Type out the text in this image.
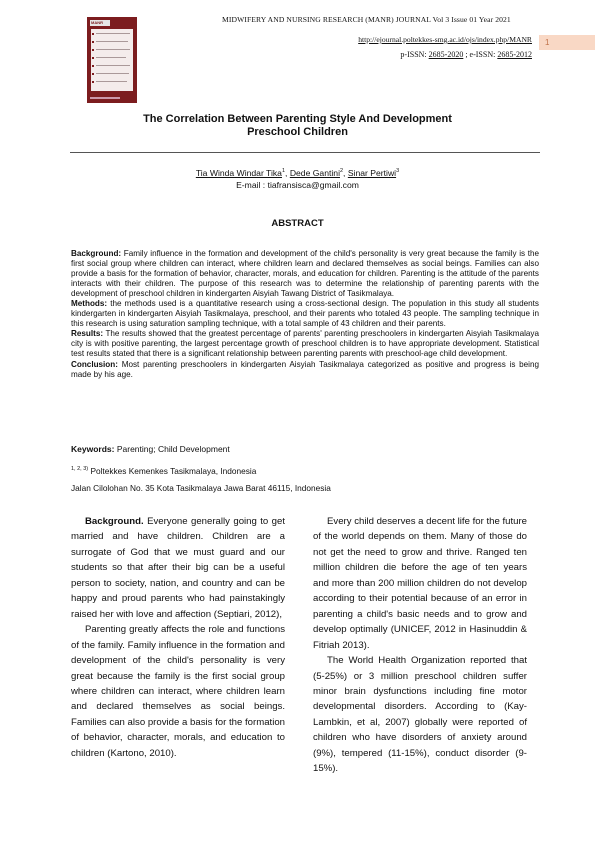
MANR	MIDWIFERY AND NURSING RESEARCH (MANR) JOURNAL Vol 3 Issue 01 Year 2021
http://ejournal.poltekkes-smg.ac.id/ojs/index.php/MANR
p-ISSN: 2685-2020 ; e-ISSN: 2685-2012
1
The Correlation Between Parenting Style And Development
Preschool Children
Tia Winda Windar Tika$^1$, Dede Gantini$^2$, Sinar Pertiwi$^3$
E-mail : tiafransisca@gmail.com
ABSTRACT

Background: Family influence in the formation and development of the child's personality is very great because the family is the first social group where children can interact, where children learn and declared themselves as social beings. Families can also provide a basis for the formation of behavior, character, morals, and education for children. Parenting is the attitude of the parents interacts with their children. The purpose of this research was to determine the relationship of parenting parents with the development of preschool children in kindergarten Aisyiah Tawang District of Tasikmalaya.

Methods: the methods used is a quantitative research using a cross-sectional design. The population in this study all students kindergarten in kindergarten Aisyiah Tasikmalaya, preschool, and their parents who totaled 43 people. The sampling technique in this research is using saturation sampling technique, with a total sample of 43 children and their parents.

Results: The results showed that the greatest percentage of parents' parenting preschoolers in kindergarten Aisyiah Tasikmalaya city is with positive parenting, the largest percentage growth of preschool children is to have appropriate development. Statistical test results stated that there is a significant relationship between parenting parents with preschool-age child development.

Conclusion: Most parenting preschoolers in kindergarten Aisyiah Tasikmalaya categorized as positive and progress is being made by his age.

Keywords: Parenting; Child Development
$^{1, 2, 3)}$ Poltekkes Kemenkes Tasikmalaya, Indonesia
Jalan Cilolohan No. 35 Kota Tasikmalaya Jawa Barat 46115, Indonesia

Background. Everyone generally going to get married and have children. Children are a surrogate of God that we must guard and our students so that after their big can be a useful person to society, nation, and country and can be happy and proud parents who had painstakingly raised her with love and affection (Septiari, 2012),

Parenting greatly affects the role and functions of the family. Family influence in the formation and development of the child's personality is very great because the family is the first social group where children can interact, where children learn and declared themselves as social beings. Families can also provide a basis for the formation of behavior, character, morals, and education to children (Kartono, 2010).

Every child deserves a decent life for the future of the world depends on them. Many of those do not get the need to grow and thrive. Ranged ten million children die before the age of ten years and more than 200 million children do not develop according to their potential because of an error in parenting a child's basic needs and to grow and develop optimally (UNICEF, 2012 in Hasinuddin & Fitriah 2013).

The World Health Organization reported that (5-25%) or 3 million preschool children suffer minor brain dysfunctions including fine motor developmental disorders. According to (Kay-Lambkin, et al, 2007) globally were reported of children who have disorders of anxiety around (9%), tempered (11-15%), conduct disorder (9-15%).
